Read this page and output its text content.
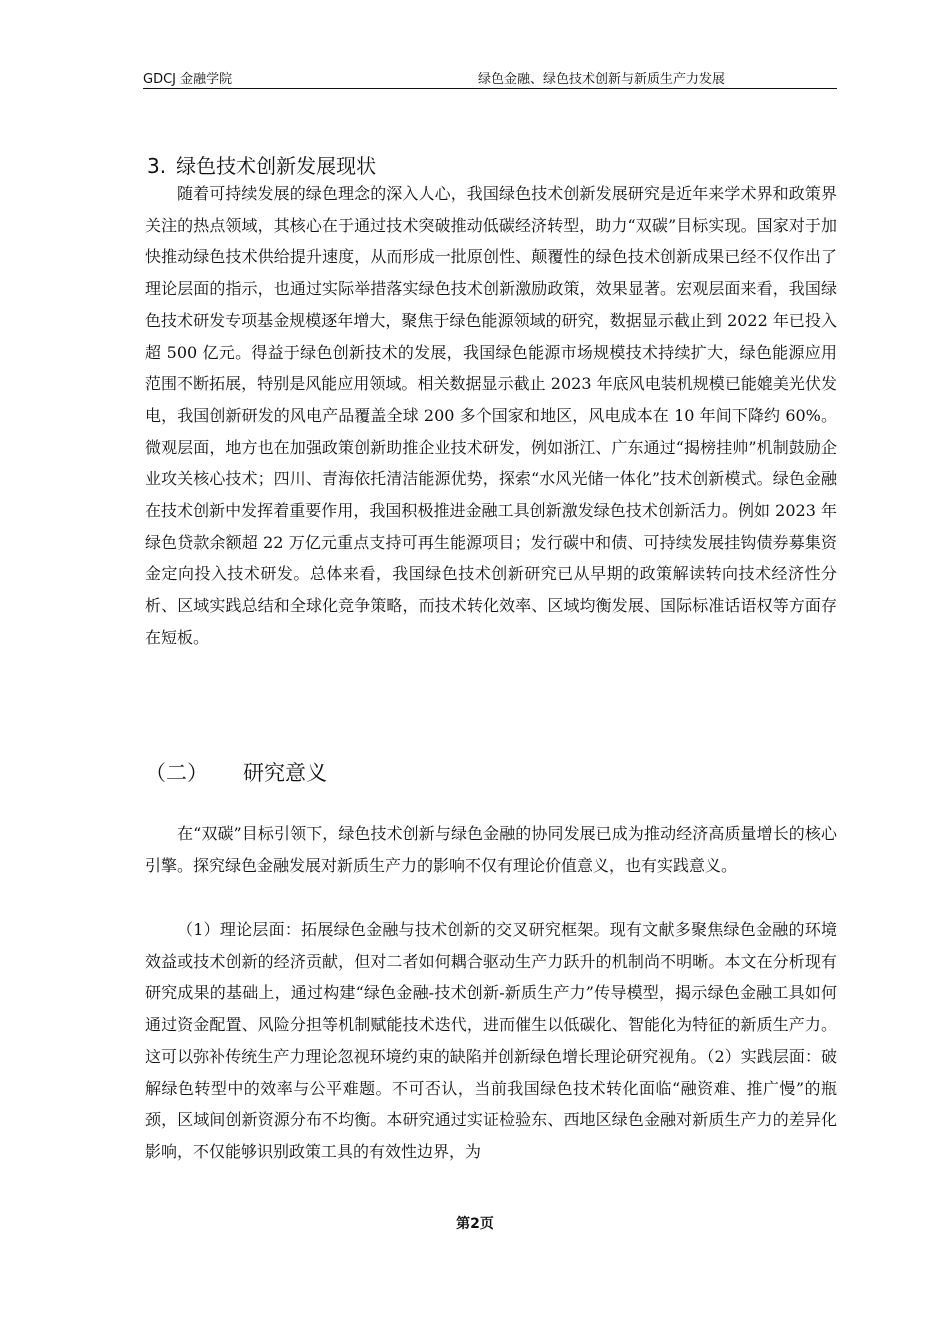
GDCJ 金融学院	绿色金融、绿色技术创新与新质生产力发展
3. 绿色技术创新发展现状

随着可持续发展的绿色理念的深入人心，我国绿色技术创新发展研究是近年来学术界和政策界关注的热点领域，其核心在于通过技术突破推动低碳经济转型，助力“双碳”目标实现。国家对于加快推动绿色技术供给提升速度，从而形成一批原创性、颠覆性的绿色技术创新成果已经不仅作出了理论层面的指示，也通过实际举措落实绿色技术创新激励政策，效果显著。宏观层面来看，我国绿色技术研发专项基金规模逐年增大，聚焦于绿色能源领域的研究，数据显示截止到 2022 年已投入超 500 亿元。得益于绿色创新技术的发展，我国绿色能源市场规模技术持续扩大，绿色能源应用范围不断拓展，特别是风能应用领域。相关数据显示截止 2023 年底风电装机规模已能媲美光伏发电，我国创新研发的风电产品覆盖全球 200 多个国家和地区，风电成本在 10 年间下降约 60%。微观层面，地方也在加强政策创新助推企业技术研发，例如浙江、广东通过“揭榜挂帅”机制鼓励企业攻关核心技术；四川、青海依托清洁能源优势，探索“水风光储一体化”技术创新模式。绿色金融在技术创新中发挥着重要作用，我国积极推进金融工具创新激发绿色技术创新活力。例如 2023 年绿色贷款余额超 22 万亿元重点支持可再生能源项目；发行碳中和债、可持续发展挂钩债券募集资金定向投入技术研发。总体来看，我国绿色技术创新研究已从早期的政策解读转向技术经济性分析、区域实践总结和全球化竞争策略，而技术转化效率、区域均衡发展、国际标准话语权等方面存在短板。

（二） 研究意义

在“双碳”目标引领下，绿色技术创新与绿色金融的协同发展已成为推动经济高质量增长的核心引擎。探究绿色金融发展对新质生产力的影响不仅有理论价值意义，也有实践意义。

（1）理论层面：拓展绿色金融与技术创新的交叉研究框架。现有文献多聚焦绿色金融的环境效益或技术创新的经济贡献，但对二者如何耦合驱动生产力跃升的机制尚不明晰。本文在分析现有研究成果的基础上，通过构建“绿色金融-技术创新-新质生产力”传导模型，揭示绿色金融工具如何通过资金配置、风险分担等机制赋能技术迭代，进而催生以低碳化、智能化为特征的新质生产力。这可以弥补传统生产力理论忽视环境约束的缺陷并创新绿色增长理论研究视角。（2）实践层面：破解绿色转型中的效率与公平难题。不可否认，当前我国绿色技术转化面临“融资难、推广慢”的瓶颈，区域间创新资源分布不均衡。本研究通过实证检验东、西地区绿色金融对新质生产力的差异化影响，不仅能够识别政策工具的有效性边界，为

第2页
